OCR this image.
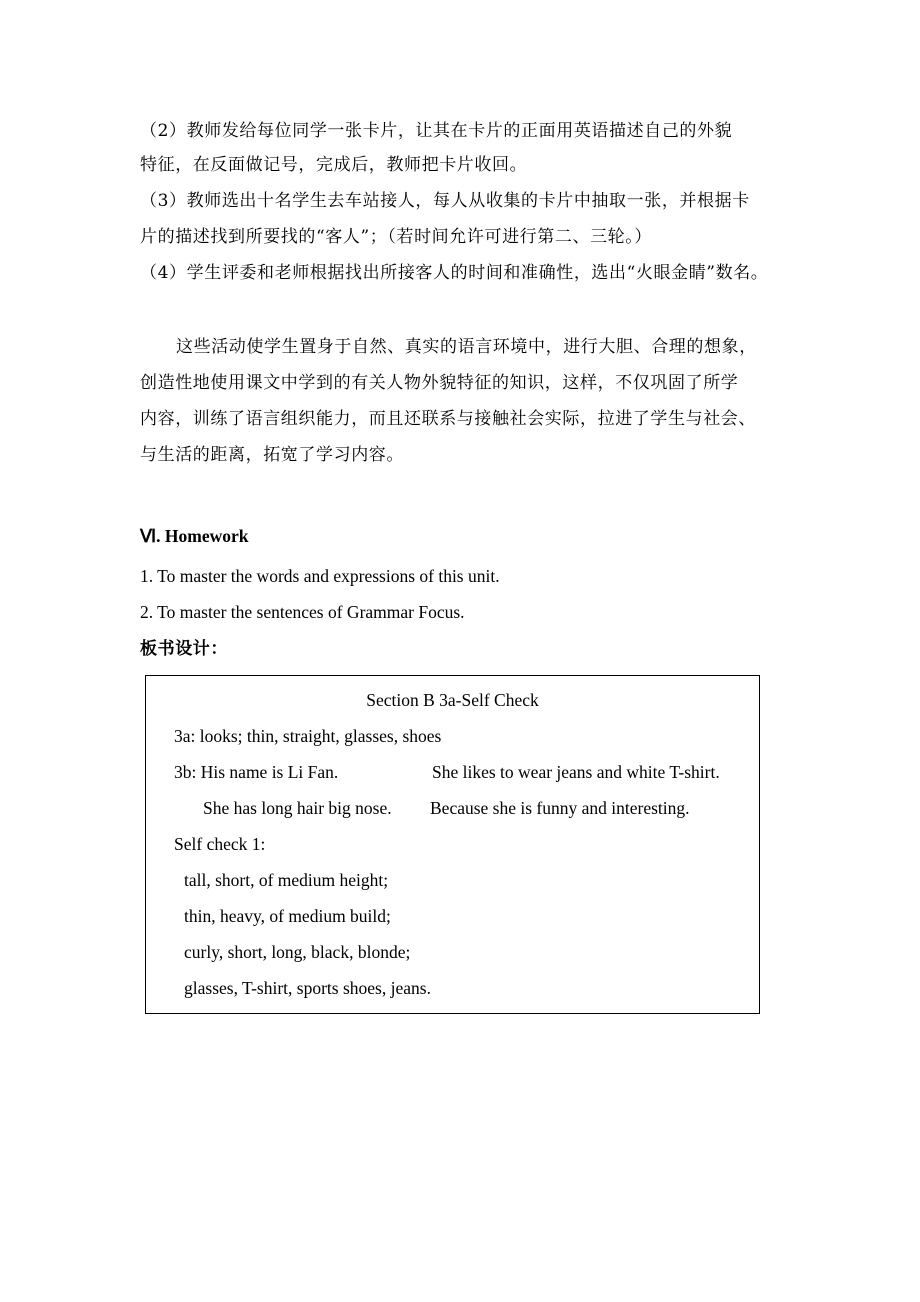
（2）教师发给每位同学一张卡片，让其在卡片的正面用英语描述自己的外貌
特征，在反面做记号，完成后，教师把卡片收回。
（3）教师选出十名学生去车站接人，每人从收集的卡片中抽取一张，并根据卡
片的描述找到所要找的“客人”；（若时间允许可进行第二、三轮。）
（4）学生评委和老师根据找出所接客人的时间和准确性，选出“火眼金睛”数名。
这些活动使学生置身于自然、真实的语言环境中，进行大胆、合理的想象，
创造性地使用课文中学到的有关人物外貌特征的知识，这样，不仅巩固了所学
内容，训练了语言组织能力，而且还联系与接触社会实际，拉进了学生与社会、
与生活的距离，拓宽了学习内容。
Ⅵ. Homework
1. To master the words and expressions of this unit.
2. To master the sentences of Grammar Focus.
板书设计：
Section B 3a-Self Check
3a: looks; thin, straight, glasses, shoes
3b: His name is Li Fan.	She likes to wear jeans and white T-shirt.
She has long hair big nose. Because she is funny and interesting.
Self check 1:
tall, short, of medium height;
thin, heavy, of medium build;
curly, short, long, black, blonde;
glasses, T-shirt, sports shoes, jeans.
